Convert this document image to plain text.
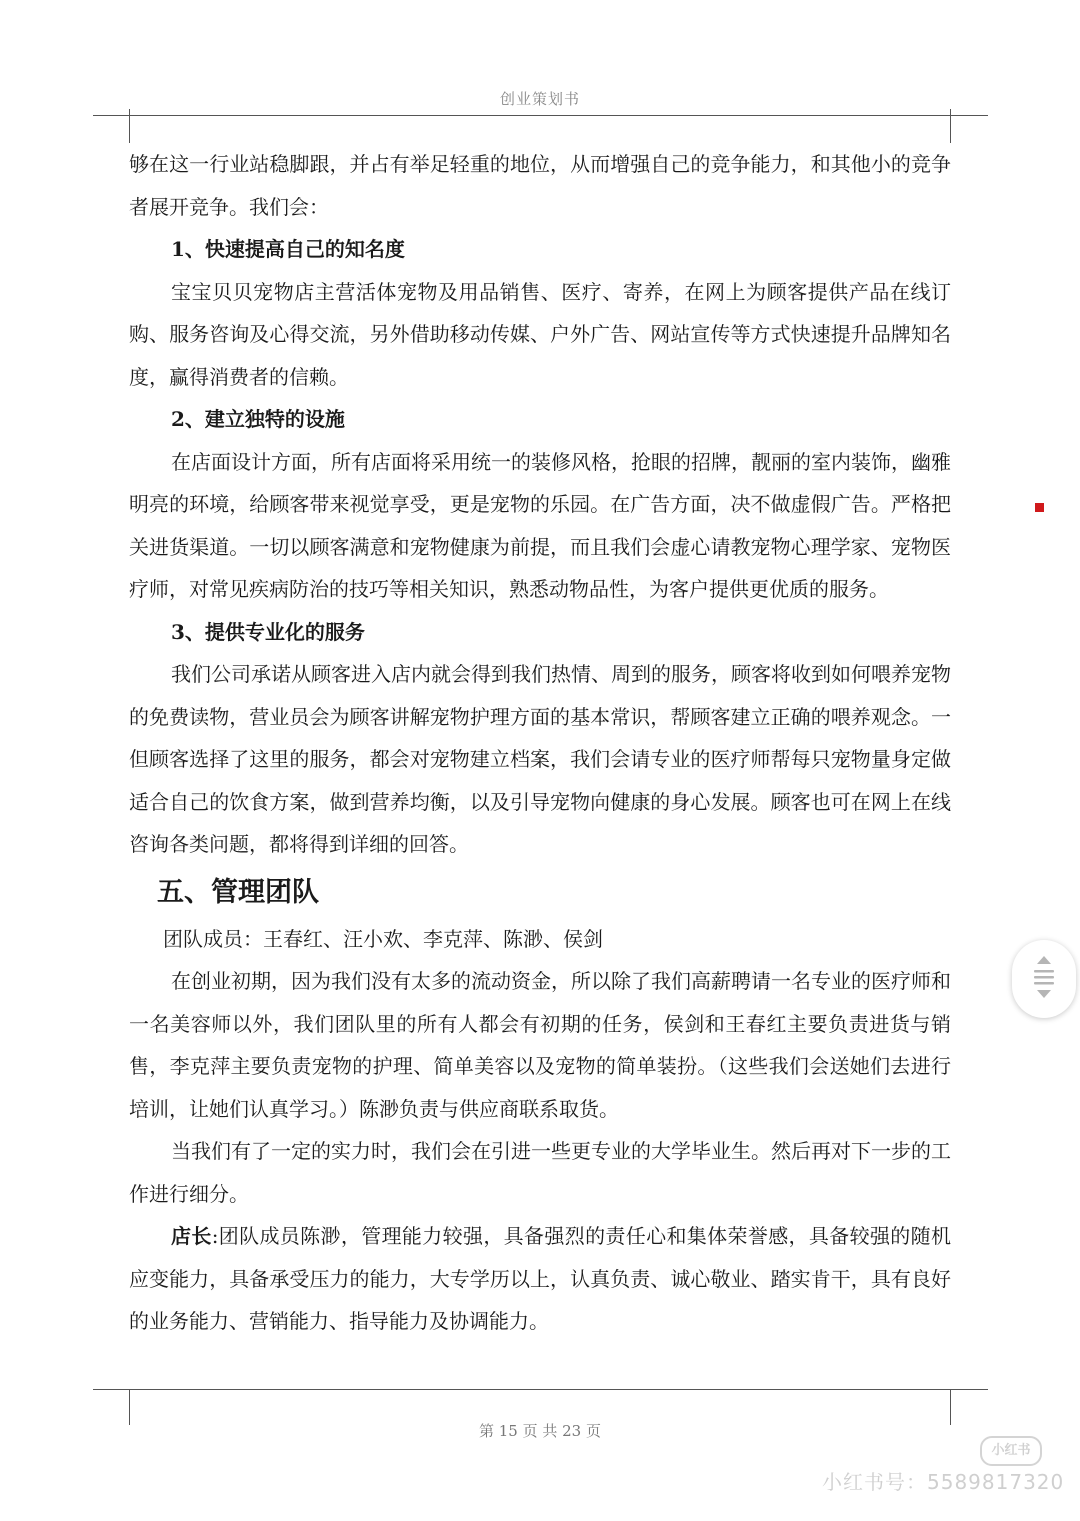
创业策划书

够在这一行业站稳脚跟，并占有举足轻重的地位，从而增强自己的竞争能力，和其他小的竞争者展开竞争。我们会：

1、快速提高自己的知名度

宝宝贝贝宠物店主营活体宠物及用品销售、医疗、寄养，在网上为顾客提供产品在线订购、服务咨询及心得交流，另外借助移动传媒、户外广告、网站宣传等方式快速提升品牌知名度，赢得消费者的信赖。

2、建立独特的设施

在店面设计方面，所有店面将采用统一的装修风格，抢眼的招牌，靓丽的室内装饰，幽雅明亮的环境，给顾客带来视觉享受，更是宠物的乐园。在广告方面，决不做虚假广告。严格把关进货渠道。一切以顾客满意和宠物健康为前提，而且我们会虚心请教宠物心理学家、宠物医疗师，对常见疾病防治的技巧等相关知识，熟悉动物品性，为客户提供更优质的服务。

3、提供专业化的服务

我们公司承诺从顾客进入店内就会得到我们热情、周到的服务，顾客将收到如何喂养宠物的免费读物，营业员会为顾客讲解宠物护理方面的基本常识，帮顾客建立正确的喂养观念。一但顾客选择了这里的服务，都会对宠物建立档案，我们会请专业的医疗师帮每只宠物量身定做适合自己的饮食方案，做到营养均衡，以及引导宠物向健康的身心发展。顾客也可在网上在线咨询各类问题，都将得到详细的回答。

五、管理团队

团队成员：王春红、汪小欢、李克萍、陈渺、侯剑

在创业初期，因为我们没有太多的流动资金，所以除了我们高薪聘请一名专业的医疗师和一名美容师以外，我们团队里的所有人都会有初期的任务，侯剑和王春红主要负责进货与销售，李克萍主要负责宠物的护理、简单美容以及宠物的简单装扮。（这些我们会送她们去进行培训，让她们认真学习。）陈渺负责与供应商联系取货。

当我们有了一定的实力时，我们会在引进一些更专业的大学毕业生。然后再对下一步的工作进行细分。

店长:团队成员陈渺，管理能力较强，具备强烈的责任心和集体荣誉感，具备较强的随机应变能力，具备承受压力的能力，大专学历以上，认真负责、诚心敬业、踏实肯干，具有良好的业务能力、营销能力、指导能力及协调能力。

第 15 页 共 23 页
小红书
小红书号：5589817320
